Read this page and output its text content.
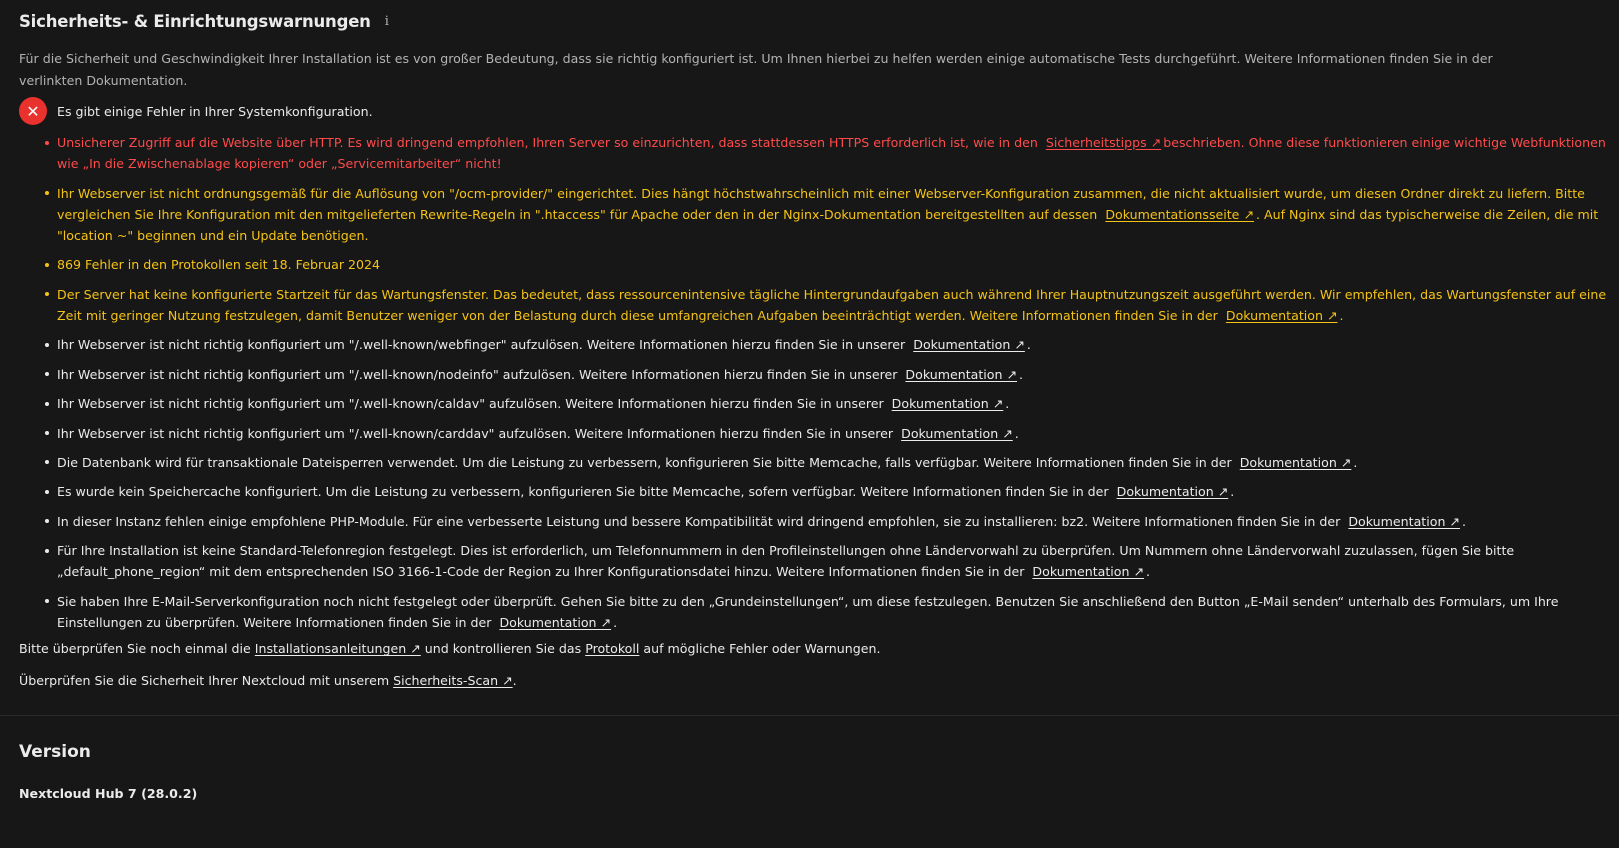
Sicherheits- & Einrichtungswarnungen i

Für die Sicherheit und Geschwindigkeit Ihrer Installation ist es von großer Bedeutung, dass sie richtig konfiguriert ist. Um Ihnen hierbei zu helfen werden einige automatische Tests durchgeführt. Weitere Informationen finden Sie in der verlinkten Dokumentation.

✕	Es gibt einige Fehler in Ihrer Systemkonfiguration.
Unsicherer Zugriff auf die Website über HTTP. Es wird dringend empfohlen, Ihren Server so einzurichten, dass stattdessen HTTPS erforderlich ist, wie in den Sicherheitstipps ↗ beschrieben. Ohne diese funktionieren einige wichtige Webfunktionen wie „In die Zwischenablage kopieren“ oder „Servicemitarbeiter“ nicht!
Ihr Webserver ist nicht ordnungsgemäß für die Auflösung von "/ocm-provider/" eingerichtet. Dies hängt höchstwahrscheinlich mit einer Webserver-Konfiguration zusammen, die nicht aktualisiert wurde, um diesen Ordner direkt zu liefern. Bitte vergleichen Sie Ihre Konfiguration mit den mitgelieferten Rewrite-Regeln in ".htaccess" für Apache oder den in der Nginx-Dokumentation bereitgestellten auf dessen Dokumentationsseite ↗ . Auf Nginx sind das typischerweise die Zeilen, die mit "location ~" beginnen und ein Update benötigen.
869 Fehler in den Protokollen seit 18. Februar 2024
Der Server hat keine konfigurierte Startzeit für das Wartungsfenster. Das bedeutet, dass ressourcenintensive tägliche Hintergrundaufgaben auch während Ihrer Hauptnutzungszeit ausgeführt werden. Wir empfehlen, das Wartungsfenster auf eine Zeit mit geringer Nutzung festzulegen, damit Benutzer weniger von der Belastung durch diese umfangreichen Aufgaben beeinträchtigt werden. Weitere Informationen finden Sie in der Dokumentation ↗ .
Ihr Webserver ist nicht richtig konfiguriert um "/.well-known/webfinger" aufzulösen. Weitere Informationen hierzu finden Sie in unserer Dokumentation ↗ .
Ihr Webserver ist nicht richtig konfiguriert um "/.well-known/nodeinfo" aufzulösen. Weitere Informationen hierzu finden Sie in unserer Dokumentation ↗ .
Ihr Webserver ist nicht richtig konfiguriert um "/.well-known/caldav" aufzulösen. Weitere Informationen hierzu finden Sie in unserer Dokumentation ↗ .
Ihr Webserver ist nicht richtig konfiguriert um "/.well-known/carddav" aufzulösen. Weitere Informationen hierzu finden Sie in unserer Dokumentation ↗ .
Die Datenbank wird für transaktionale Dateisperren verwendet. Um die Leistung zu verbessern, konfigurieren Sie bitte Memcache, falls verfügbar. Weitere Informationen finden Sie in der Dokumentation ↗ .
Es wurde kein Speichercache konfiguriert. Um die Leistung zu verbessern, konfigurieren Sie bitte Memcache, sofern verfügbar. Weitere Informationen finden Sie in der Dokumentation ↗ .
In dieser Instanz fehlen einige empfohlene PHP-Module. Für eine verbesserte Leistung und bessere Kompatibilität wird dringend empfohlen, sie zu installieren: bz2. Weitere Informationen finden Sie in der Dokumentation ↗ .
Für Ihre Installation ist keine Standard-Telefonregion festgelegt. Dies ist erforderlich, um Telefonnummern in den Profileinstellungen ohne Ländervorwahl zu überprüfen. Um Nummern ohne Ländervorwahl zuzulassen, fügen Sie bitte „default_phone_region“ mit dem entsprechenden ISO 3166-1-Code der Region zu Ihrer Konfigurationsdatei hinzu. Weitere Informationen finden Sie in der Dokumentation ↗ .
Sie haben Ihre E-Mail-Serverkonfiguration noch nicht festgelegt oder überprüft. Gehen Sie bitte zu den „Grundeinstellungen“, um diese festzulegen. Benutzen Sie anschließend den Button „E-Mail senden“ unterhalb des Formulars, um Ihre Einstellungen zu überprüfen. Weitere Informationen finden Sie in der Dokumentation ↗ .

Bitte überprüfen Sie noch einmal die Installationsanleitungen ↗ und kontrollieren Sie das Protokoll auf mögliche Fehler oder Warnungen.

Überprüfen Sie die Sicherheit Ihrer Nextcloud mit unserem Sicherheits-Scan ↗.

Version
Nextcloud Hub 7 (28.0.2)
